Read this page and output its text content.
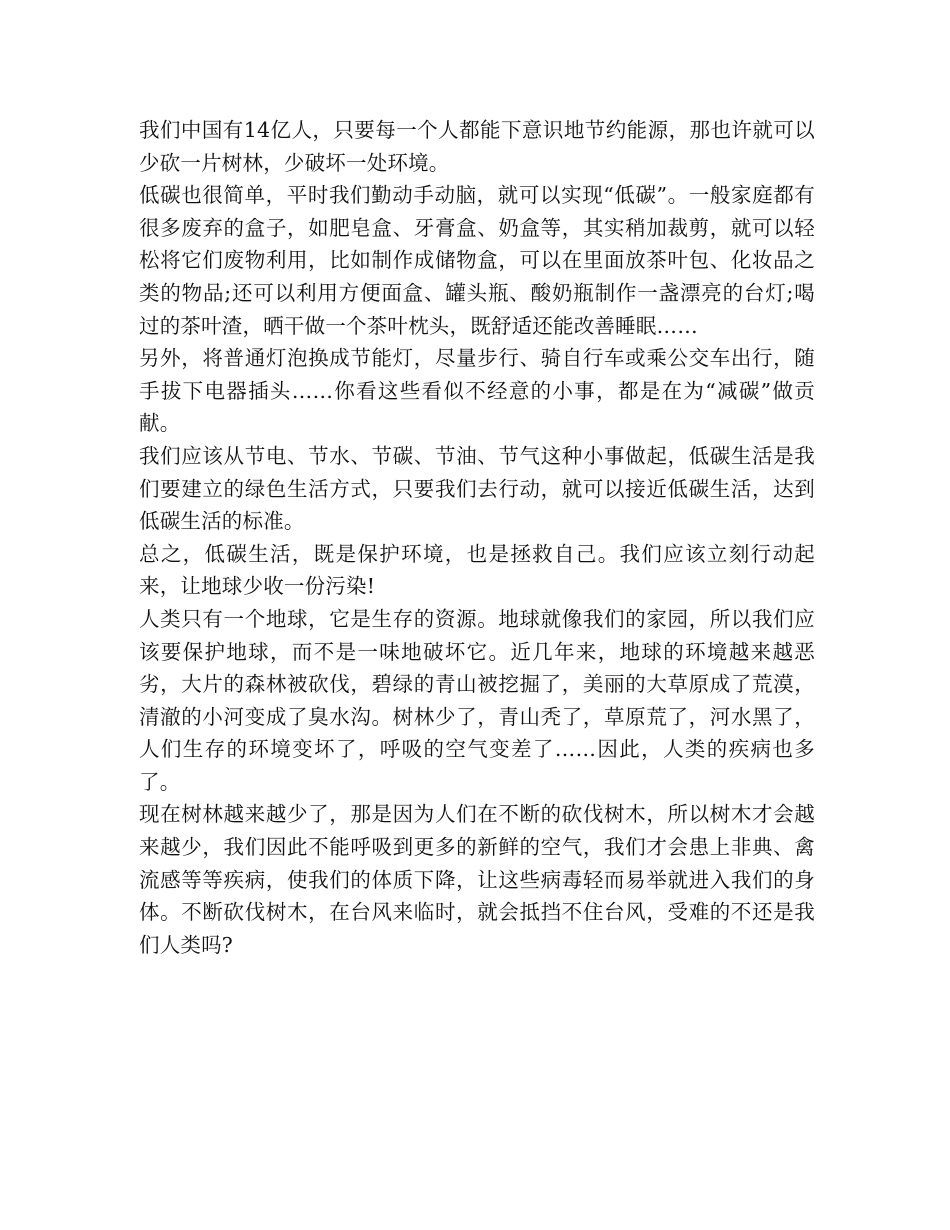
我们中国有14亿人，只要每一个人都能下意识地节约能源，那也许就可以少砍一片树林，少破坏一处环境。

低碳也很简单，平时我们勤动手动脑，就可以实现“低碳”。一般家庭都有很多废弃的盒子，如肥皂盒、牙膏盒、奶盒等，其实稍加裁剪，就可以轻松将它们废物利用，比如制作成储物盒，可以在里面放茶叶包、化妆品之类的物品;还可以利用方便面盒、罐头瓶、酸奶瓶制作一盏漂亮的台灯;喝过的茶叶渣，晒干做一个茶叶枕头，既舒适还能改善睡眠……

另外，将普通灯泡换成节能灯，尽量步行、骑自行车或乘公交车出行，随手拔下电器插头……你看这些看似不经意的小事，都是在为“减碳”做贡献。

我们应该从节电、节水、节碳、节油、节气这种小事做起，低碳生活是我们要建立的绿色生活方式，只要我们去行动，就可以接近低碳生活，达到低碳生活的标准。

总之，低碳生活，既是保护环境，也是拯救自己。我们应该立刻行动起来，让地球少收一份污染!

人类只有一个地球，它是生存的资源。地球就像我们的家园，所以我们应该要保护地球，而不是一味地破坏它。近几年来，地球的环境越来越恶劣，大片的森林被砍伐，碧绿的青山被挖掘了，美丽的大草原成了荒漠，清澈的小河变成了臭水沟。树林少了，青山秃了，草原荒了，河水黑了，人们生存的环境变坏了，呼吸的空气变差了……因此，人类的疾病也多了。

现在树林越来越少了，那是因为人们在不断的砍伐树木，所以树木才会越来越少，我们因此不能呼吸到更多的新鲜的空气，我们才会患上非典、禽流感等等疾病，使我们的体质下降，让这些病毒轻而易举就进入我们的身体。不断砍伐树木，在台风来临时，就会抵挡不住台风，受难的不还是我们人类吗?
